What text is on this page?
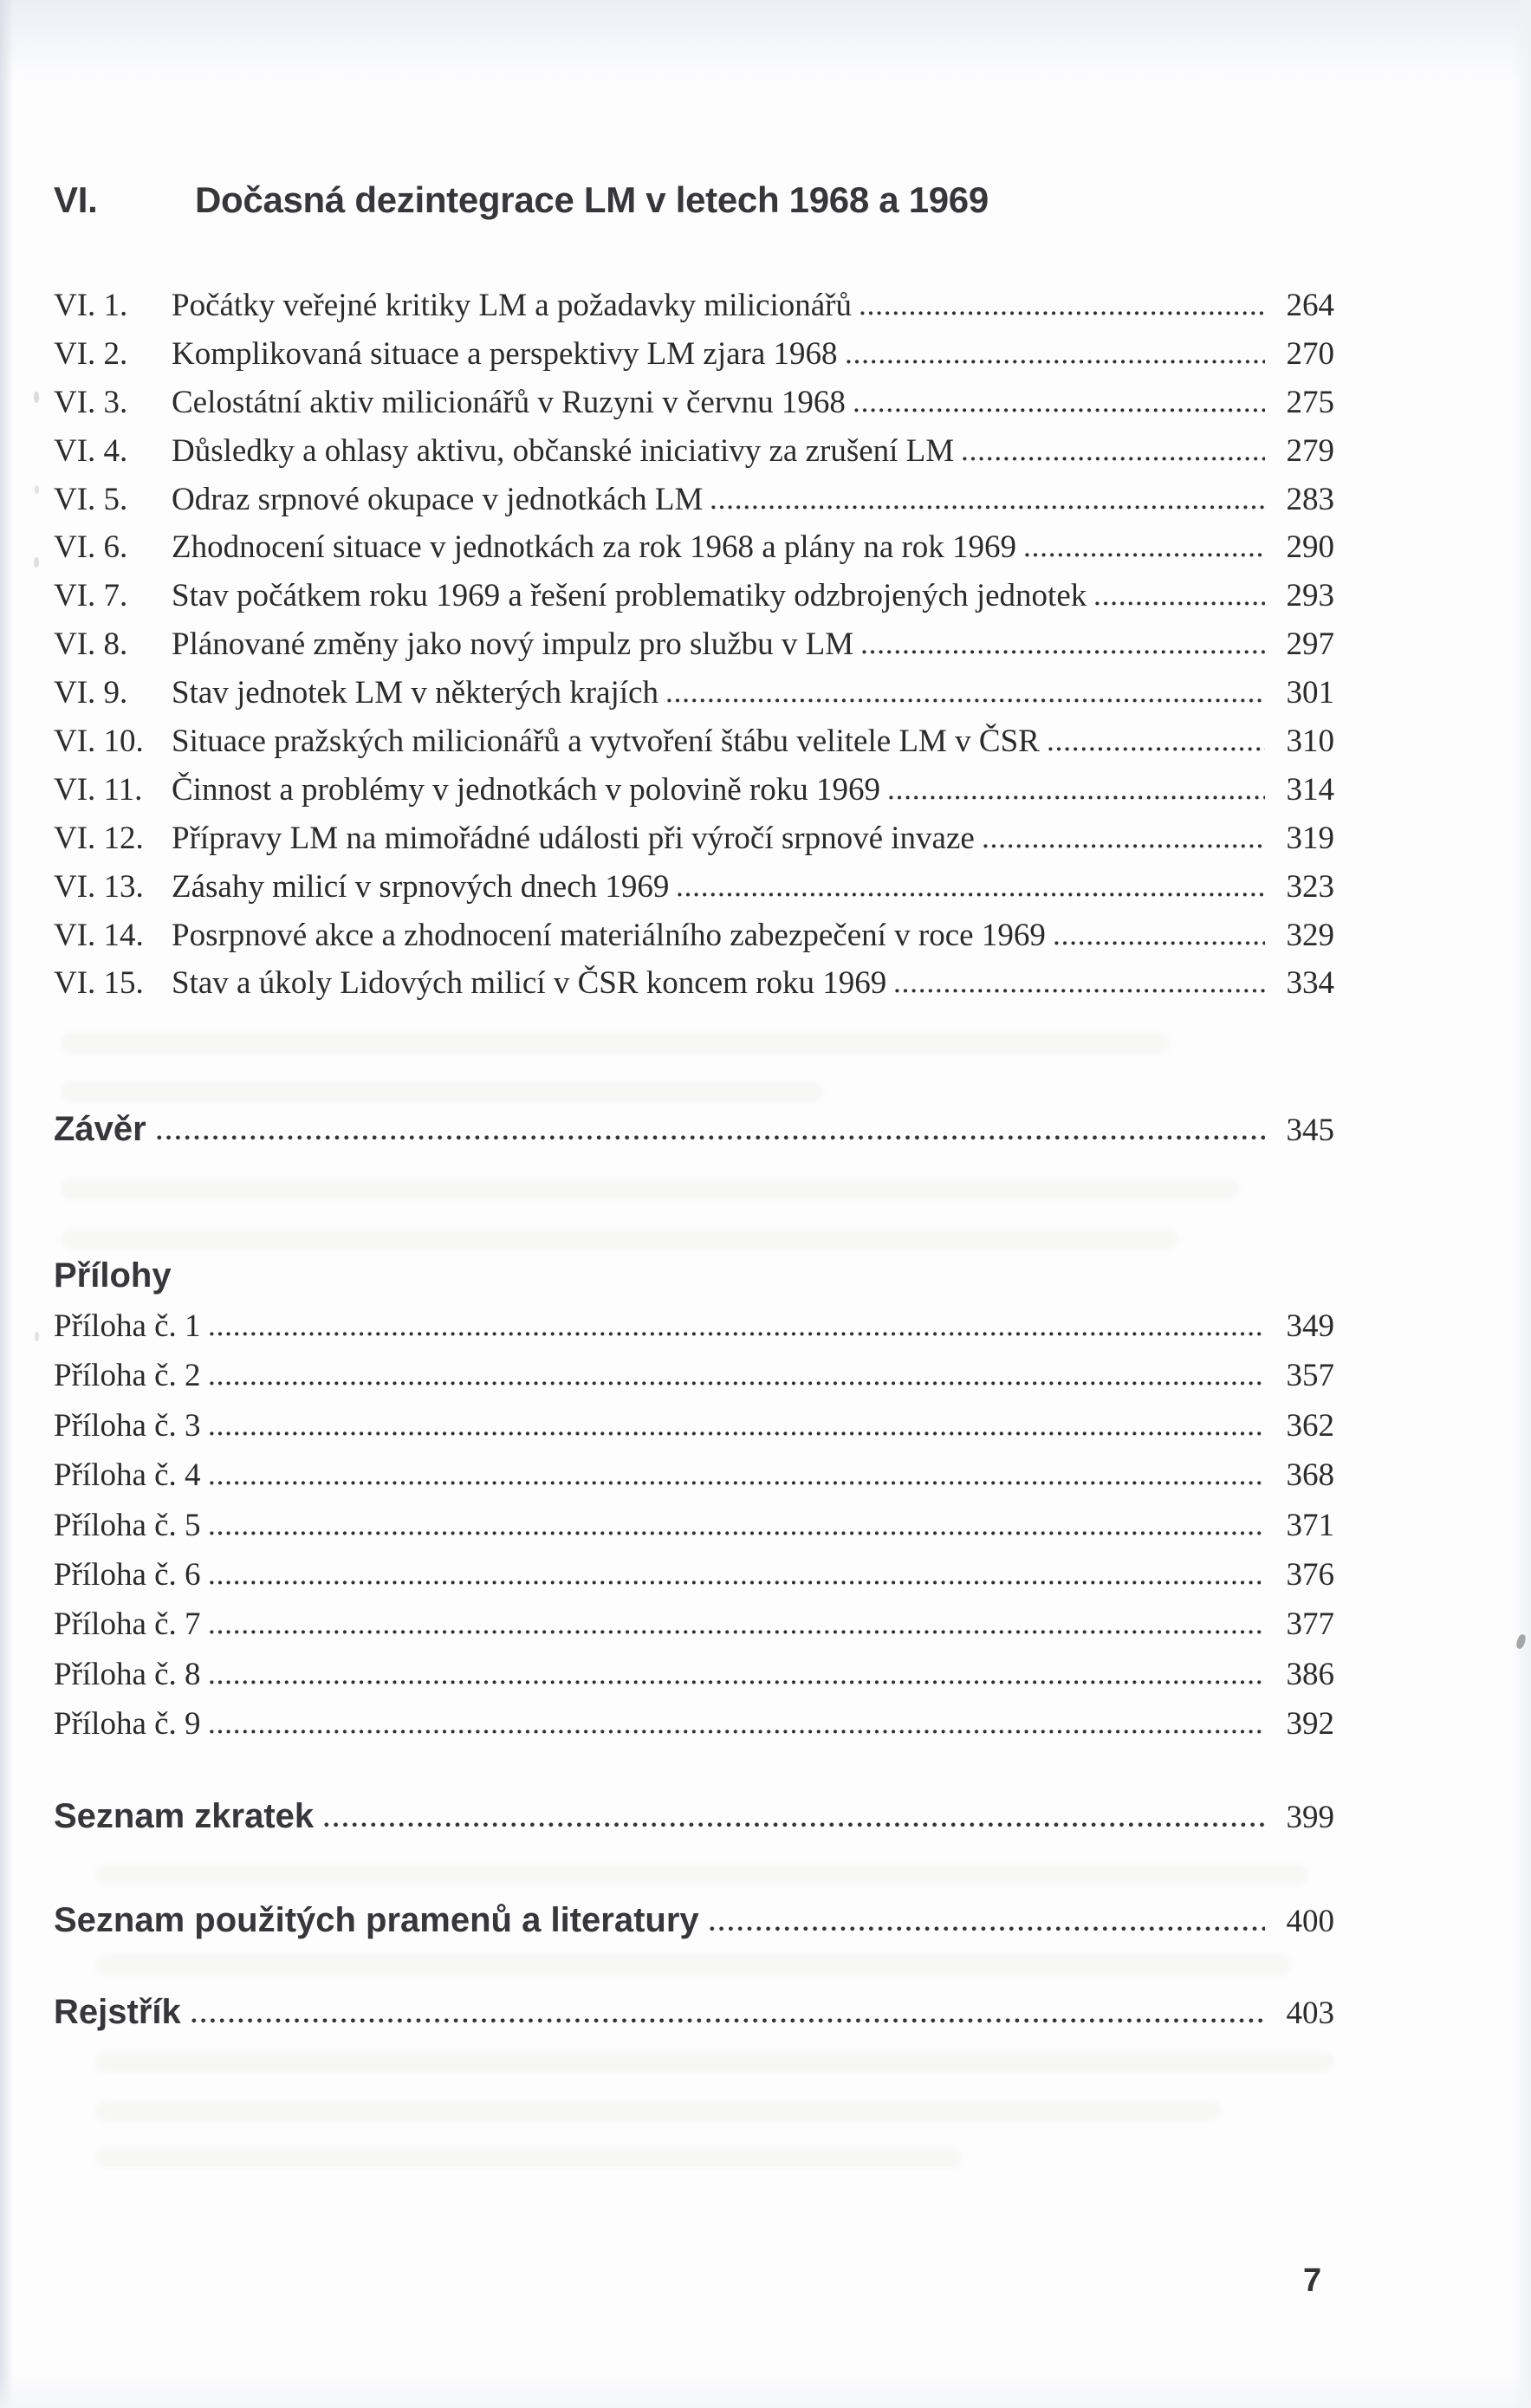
VI.	Dočasná dezintegrace LM v letech 1968 a 1969
VI. 1.	Počátky veřejné kritiky LM a požadavky milicionářů	264
VI. 2.	Komplikovaná situace a perspektivy LM zjara 1968	270
VI. 3.	Celostátní aktiv milicionářů v Ruzyni v červnu 1968	275
VI. 4.	Důsledky a ohlasy aktivu, občanské iniciativy za zrušení LM	279
VI. 5.	Odraz srpnové okupace v jednotkách LM	283
VI. 6.	Zhodnocení situace v jednotkách za rok 1968 a plány na rok 1969	290
VI. 7.	Stav počátkem roku 1969 a řešení problematiky odzbrojených jednotek	293
VI. 8.	Plánované změny jako nový impulz pro službu v LM	297
VI. 9.	Stav jednotek LM v některých krajích	301
VI. 10. Situace pražských milicionářů a vytvoření štábu velitele LM v ČSR	310
VI. 11. Činnost a problémy v jednotkách v polovině roku 1969	314
VI. 12. Přípravy LM na mimořádné události při výročí srpnové invaze	319
VI. 13. Zásahy milicí v srpnových dnech 1969	323
VI. 14. Posrpnové akce a zhodnocení materiálního zabezpečení v roce 1969	329
VI. 15. Stav a úkoly Lidových milicí v ČSR koncem roku 1969	334
Závěr	345
Přílohy
Příloha č. 1	349
Příloha č. 2	357
Příloha č. 3	362
Příloha č. 4	368
Příloha č. 5	371
Příloha č. 6	376
Příloha č. 7	377
Příloha č. 8	386
Příloha č. 9	392
Seznam zkratek	399
Seznam použitých pramenů a literatury	400
Rejstřík	403
7
